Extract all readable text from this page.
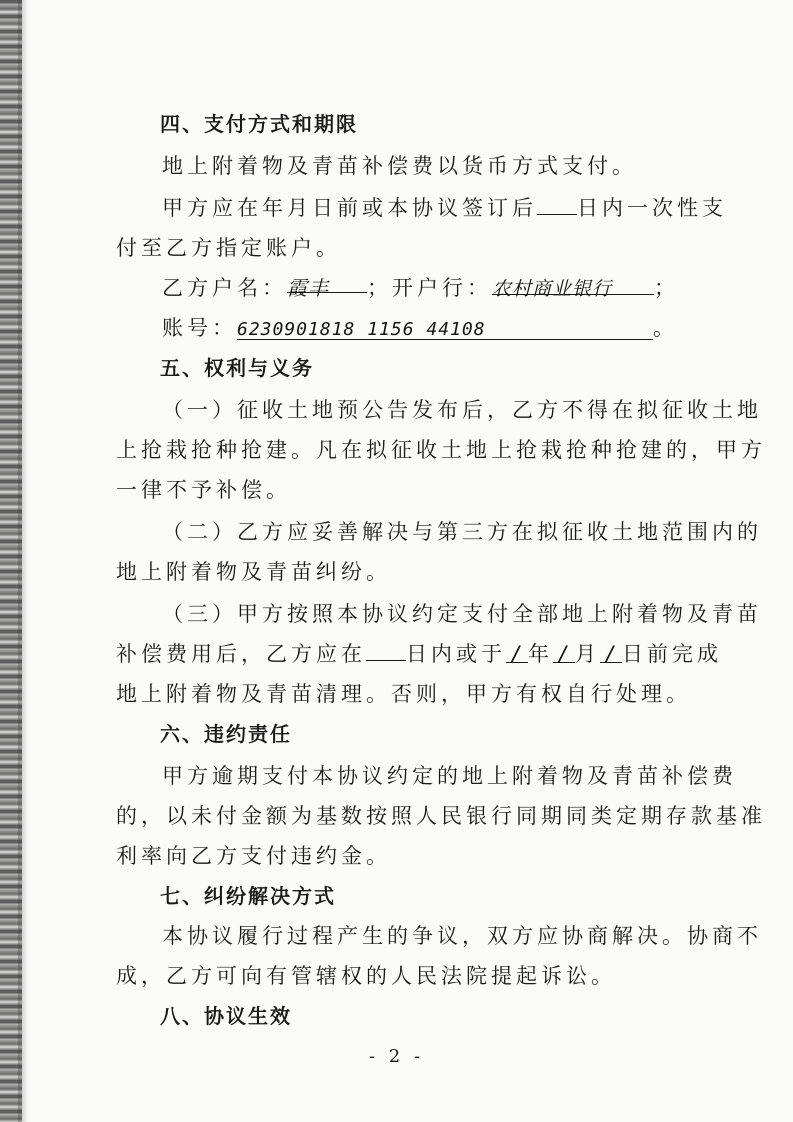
四、支付方式和期限
地上附着物及青苗补偿费以货币方式支付。
甲方应在年月日前或本协议签订后 日内一次性支
付至乙方指定账户。
乙方户名：霞丰 ；开户行：农村商业银行 ；
账号：6230901818 1156 44108	。
五、权利与义务
（一）征收土地预公告发布后，乙方不得在拟征收土地
上抢栽抢种抢建。凡在拟征收土地上抢栽抢种抢建的，甲方
一律不予补偿。
（二）乙方应妥善解决与第三方在拟征收土地范围内的
地上附着物及青苗纠纷。
（三）甲方按照本协议约定支付全部地上附着物及青苗
补偿费用后，乙方应在 日内或于 / 年 / 月 / 日前完成
地上附着物及青苗清理。否则，甲方有权自行处理。
六、违约责任
甲方逾期支付本协议约定的地上附着物及青苗补偿费
的，以未付金额为基数按照人民银行同期同类定期存款基准
利率向乙方支付违约金。
七、纠纷解决方式
本协议履行过程产生的争议，双方应协商解决。协商不
成，乙方可向有管辖权的人民法院提起诉讼。
八、协议生效
- 2 -
